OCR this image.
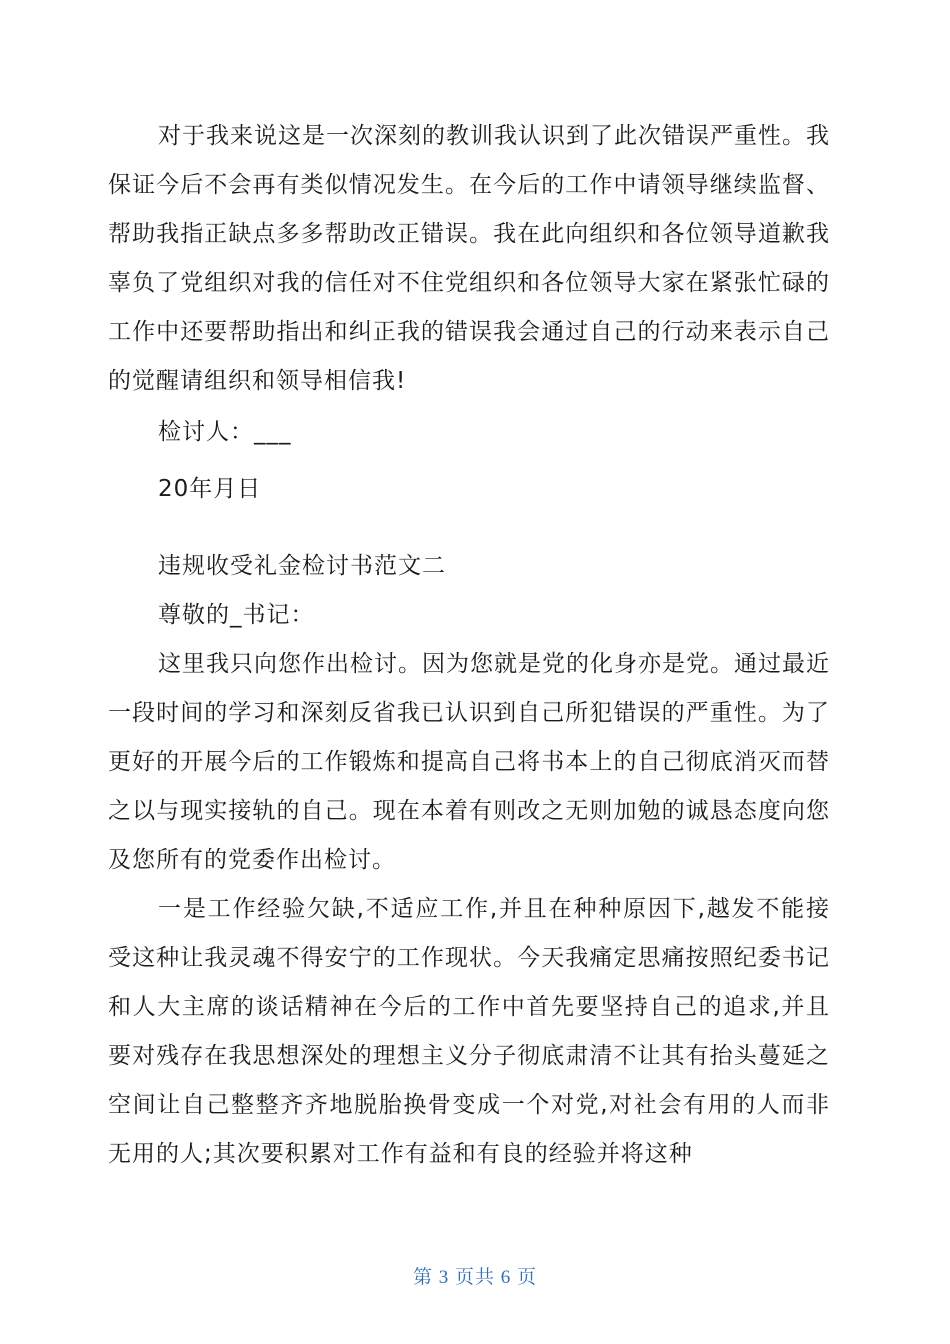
对于我来说这是一次深刻的教训我认识到了此次错误严重性。我保证今后不会再有类似情况发生。在今后的工作中请领导继续监督、帮助我指正缺点多多帮助改正错误。我在此向组织和各位领导道歉我辜负了党组织对我的信任对不住党组织和各位领导大家在紧张忙碌的工作中还要帮助指出和纠正我的错误我会通过自己的行动来表示自己的觉醒请组织和领导相信我!

检讨人：___

20年月日

违规收受礼金检讨书范文二

尊敬的_书记：

这里我只向您作出检讨。因为您就是党的化身亦是党。通过最近一段时间的学习和深刻反省我已认识到自己所犯错误的严重性。为了更好的开展今后的工作锻炼和提高自己将书本上的自己彻底消灭而替之以与现实接轨的自己。现在本着有则改之无则加勉的诚恳态度向您及您所有的党委作出检讨。

一是工作经验欠缺,不适应工作,并且在种种原因下,越发不能接受这种让我灵魂不得安宁的工作现状。今天我痛定思痛按照纪委书记和人大主席的谈话精神在今后的工作中首先要坚持自己的追求,并且要对残存在我思想深处的理想主义分子彻底肃清不让其有抬头蔓延之空间让自己整整齐齐地脱胎换骨变成一个对党,对社会有用的人而非无用的人;其次要积累对工作有益和有良的经验并将这种

第 3 页共 6 页
